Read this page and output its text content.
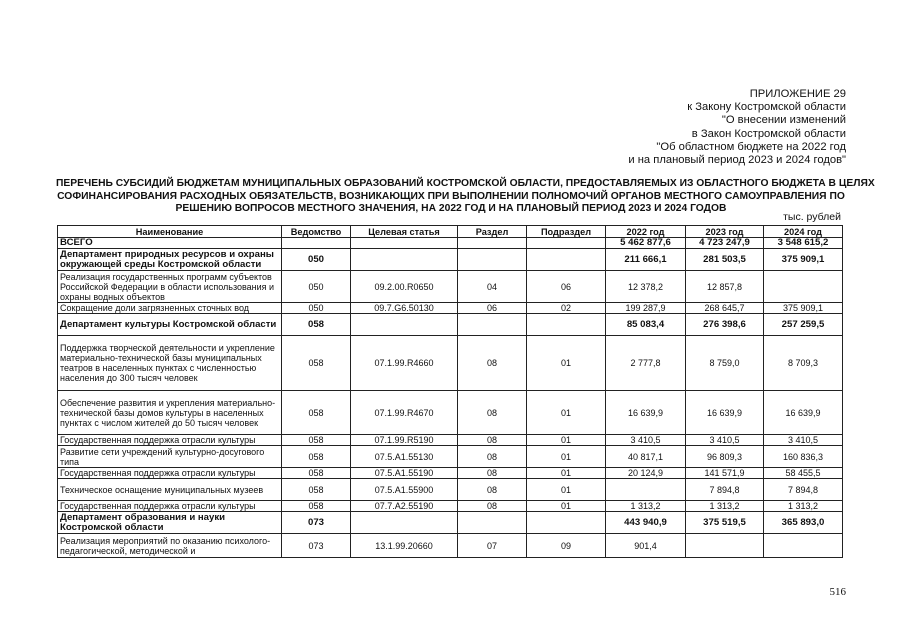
ПРИЛОЖЕНИЕ 29
к Закону Костромской области
"О внесении изменений
в Закон Костромской области
"Об областном бюджете на 2022 год
и на плановый период 2023 и 2024 годов"
ПЕРЕЧЕНЬ СУБСИДИЙ БЮДЖЕТАМ МУНИЦИПАЛЬНЫХ ОБРАЗОВАНИЙ КОСТРОМСКОЙ ОБЛАСТИ, ПРЕДОСТАВЛЯЕМЫХ ИЗ ОБЛАСТНОГО БЮДЖЕТА В ЦЕЛЯХ
СОФИНАНСИРОВАНИЯ РАСХОДНЫХ ОБЯЗАТЕЛЬСТВ, ВОЗНИКАЮЩИХ ПРИ ВЫПОЛНЕНИИ ПОЛНОМОЧИЙ ОРГАНОВ МЕСТНОГО САМОУПРАВЛЕНИЯ ПО
РЕШЕНИЮ ВОПРОСОВ МЕСТНОГО ЗНАЧЕНИЯ, НА 2022 ГОД И НА ПЛАНОВЫЙ ПЕРИОД 2023 И 2024 ГОДОВ
тыс. рублей
Наименование	Ведомство	Целевая статья	Раздел	Подраздел	2022 год	2023 год	2024 год
ВСЕГО					5 462 877,6	4 723 247,9	3 548 615,2
Департамент природных ресурсов и охраны окружающей среды Костромской области	050				211 666,1	281 503,5	375 909,1
Реализация государственных программ субъектов Российской Федерации в области использования и охраны водных объектов	050	09.2.00.R0650	04	06	12 378,2	12 857,8	
Сокращение доли загрязненных сточных вод	050	09.7.G6.50130	06	02	199 287,9	268 645,7	375 909,1
Департамент культуры Костромской области	058				85 083,4	276 398,6	257 259,5
Поддержка творческой деятельности и укрепление материально-технической базы муниципальных театров в населенных пунктах с численностью населения до 300 тысяч человек	058	07.1.99.R4660	08	01	2 777,8	8 759,0	8 709,3
Обеспечение развития и укрепления материально-технической базы домов культуры в населенных пунктах с числом жителей до 50 тысяч человек	058	07.1.99.R4670	08	01	16 639,9	16 639,9	16 639,9
Государственная поддержка отрасли культуры	058	07.1.99.R5190	08	01	3 410,5	3 410,5	3 410,5
Развитие сети учреждений культурно-досугового типа	058	07.5.A1.55130	08	01	40 817,1	96 809,3	160 836,3
Государственная поддержка отрасли культуры	058	07.5.A1.55190	08	01	20 124,9	141 571,9	58 455,5
Техническое оснащение муниципальных музеев	058	07.5.A1.55900	08	01		7 894,8	7 894,8
Государственная поддержка отрасли культуры	058	07.7.A2.55190	08	01	1 313,2	1 313,2	1 313,2
Департамент образования и науки Костромской области	073				443 940,9	375 519,5	365 893,0
Реализация мероприятий по оказанию психолого-педагогической, методической и	073	13.1.99.20660	07	09	901,4		
516
